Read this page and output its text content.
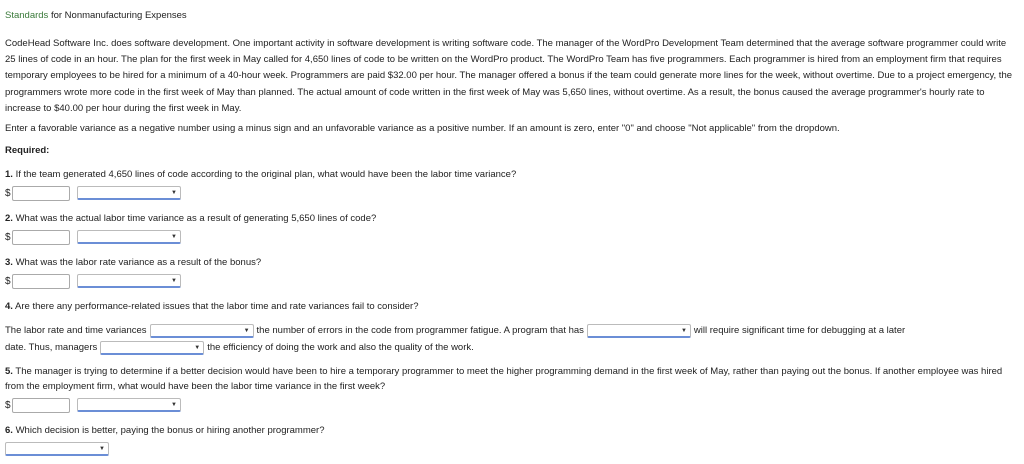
Standards for Nonmanufacturing Expenses

CodeHead Software Inc. does software development. One important activity in software development is writing software code. The manager of the WordPro Development Team determined that the average software programmer could write 25 lines of code in an hour. The plan for the first week in May called for 4,650 lines of code to be written on the WordPro product. The WordPro Team has five programmers. Each programmer is hired from an employment firm that requires temporary employees to be hired for a minimum of a 40-hour week. Programmers are paid $32.00 per hour. The manager offered a bonus if the team could generate more lines for the week, without overtime. Due to a project emergency, the programmers wrote more code in the first week of May than planned. The actual amount of code written in the first week of May was 5,650 lines, without overtime. As a result, the bonus caused the average programmer's hourly rate to increase to $40.00 per hour during the first week in May.

Enter a favorable variance as a negative number using a minus sign and an unfavorable variance as a positive number. If an amount is zero, enter "0" and choose "Not applicable" from the dropdown.
Required:
1. If the team generated 4,650 lines of code according to the original plan, what would have been the labor time variance?
$	▼
2. What was the actual labor time variance as a result of generating 5,650 lines of code?
$	▼
3. What was the labor rate variance as a result of the bonus?
$	▼
4. Are there any performance-related issues that the labor time and rate variances fail to consider?
The labor rate and time variances	▼ the number of errors in the code from programmer fatigue. A program that has	▼ will require significant time for debugging at a later
date. Thus, managers	▼ the efficiency of doing the work and also the quality of the work.
5. The manager is trying to determine if a better decision would have been to hire a temporary programmer to meet the higher programming demand in the first week of May, rather than paying out the bonus. If another employee was hired from the employment firm, what would have been the labor time variance in the first week?
$	▼
6. Which decision is better, paying the bonus or hiring another programmer?
▼
